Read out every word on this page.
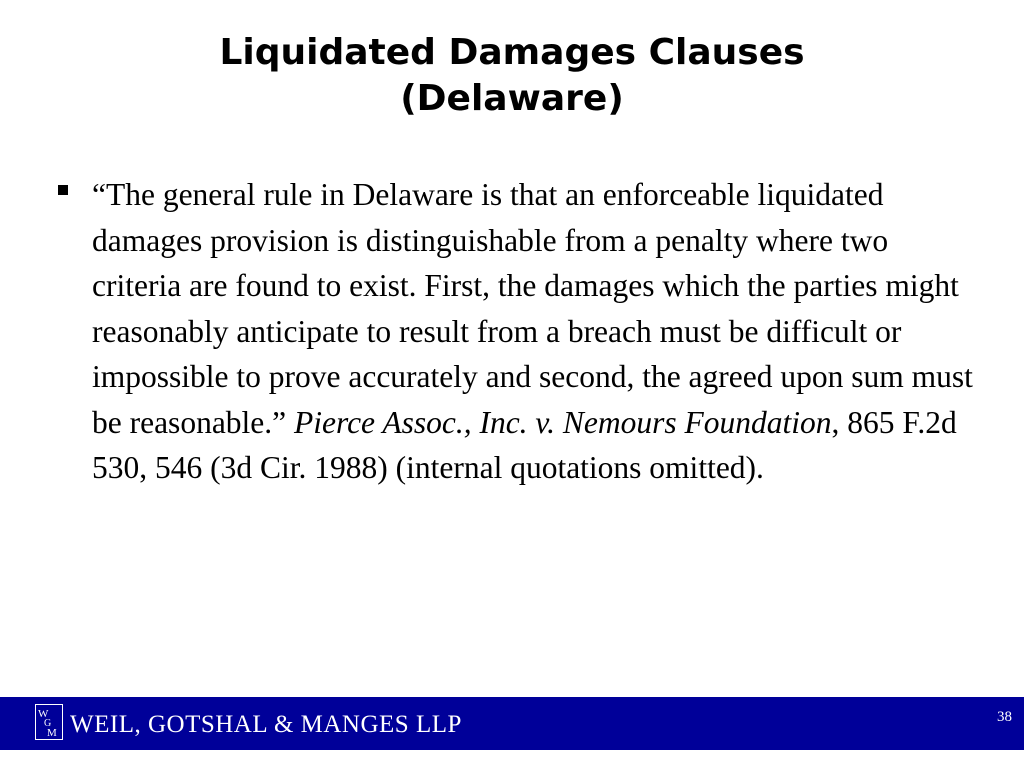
Liquidated Damages Clauses
(Delaware)
“The general rule in Delaware is that an enforceable liquidated damages provision is distinguishable from a penalty where two criteria are found to exist. First, the damages which the parties might reasonably anticipate to result from a breach must be difficult or impossible to prove accurately and second, the agreed upon sum must be reasonable.” Pierce Assoc., Inc. v. Nemours Foundation, 865 F.2d 530, 546 (3d Cir. 1988) (internal quotations omitted).
W
G
M WEIL, GOTSHAL & MANGES LLP	38
